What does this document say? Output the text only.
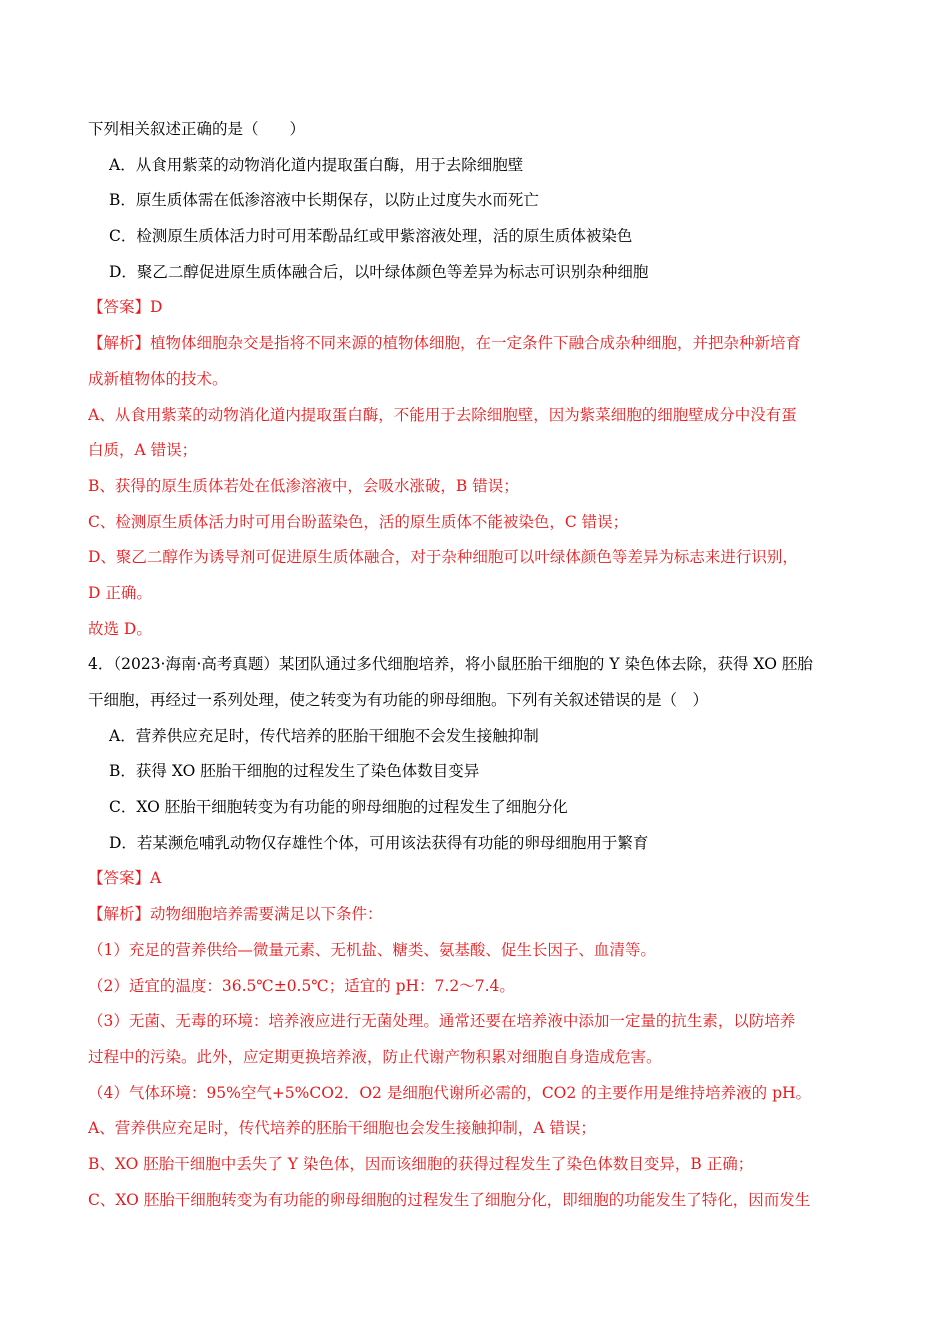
下列相关叙述正确的是（　　）
A．从食用紫菜的动物消化道内提取蛋白酶，用于去除细胞壁
B．原生质体需在低渗溶液中长期保存，以防止过度失水而死亡
C．检测原生质体活力时可用苯酚品红或甲紫溶液处理，活的原生质体被染色
D．聚乙二醇促进原生质体融合后，以叶绿体颜色等差异为标志可识别杂种细胞
【答案】D
【解析】植物体细胞杂交是指将不同来源的植物体细胞，在一定条件下融合成杂种细胞，并把杂种新培育
成新植物体的技术。
A、从食用紫菜的动物消化道内提取蛋白酶，不能用于去除细胞壁，因为紫菜细胞的细胞壁成分中没有蛋
白质，A 错误；
B、获得的原生质体若处在低渗溶液中，会吸水涨破，B 错误；
C、检测原生质体活力时可用台盼蓝染色，活的原生质体不能被染色，C 错误；
D、聚乙二醇作为诱导剂可促进原生质体融合，对于杂种细胞可以叶绿体颜色等差异为标志来进行识别，
D 正确。
故选 D。
4．（2023·海南·高考真题）某团队通过多代细胞培养，将小鼠胚胎干细胞的 Y 染色体去除，获得 XO 胚胎
干细胞，再经过一系列处理，使之转变为有功能的卵母细胞。下列有关叙述错误的是（　）
A．营养供应充足时，传代培养的胚胎干细胞不会发生接触抑制
B．获得 XO 胚胎干细胞的过程发生了染色体数目变异
C．XO 胚胎干细胞转变为有功能的卵母细胞的过程发生了细胞分化
D．若某濒危哺乳动物仅存雄性个体，可用该法获得有功能的卵母细胞用于繁育
【答案】A
【解析】动物细胞培养需要满足以下条件：
（1）充足的营养供给—微量元素、无机盐、糖类、氨基酸、促生长因子、血清等。
（2）适宜的温度：36.5℃±0.5℃；适宜的 pH：7.2～7.4。
（3）无菌、无毒的环境：培养液应进行无菌处理。通常还要在培养液中添加一定量的抗生素，以防培养
过程中的污染。此外，应定期更换培养液，防止代谢产物积累对细胞自身造成危害。
（4）气体环境：95%空气+5%CO2．O2 是细胞代谢所必需的，CO2 的主要作用是维持培养液的 pH。
A、营养供应充足时，传代培养的胚胎干细胞也会发生接触抑制，A 错误；
B、XO 胚胎干细胞中丢失了 Y 染色体，因而该细胞的获得过程发生了染色体数目变异，B 正确；
C、XO 胚胎干细胞转变为有功能的卵母细胞的过程发生了细胞分化，即细胞的功能发生了特化，因而发生
